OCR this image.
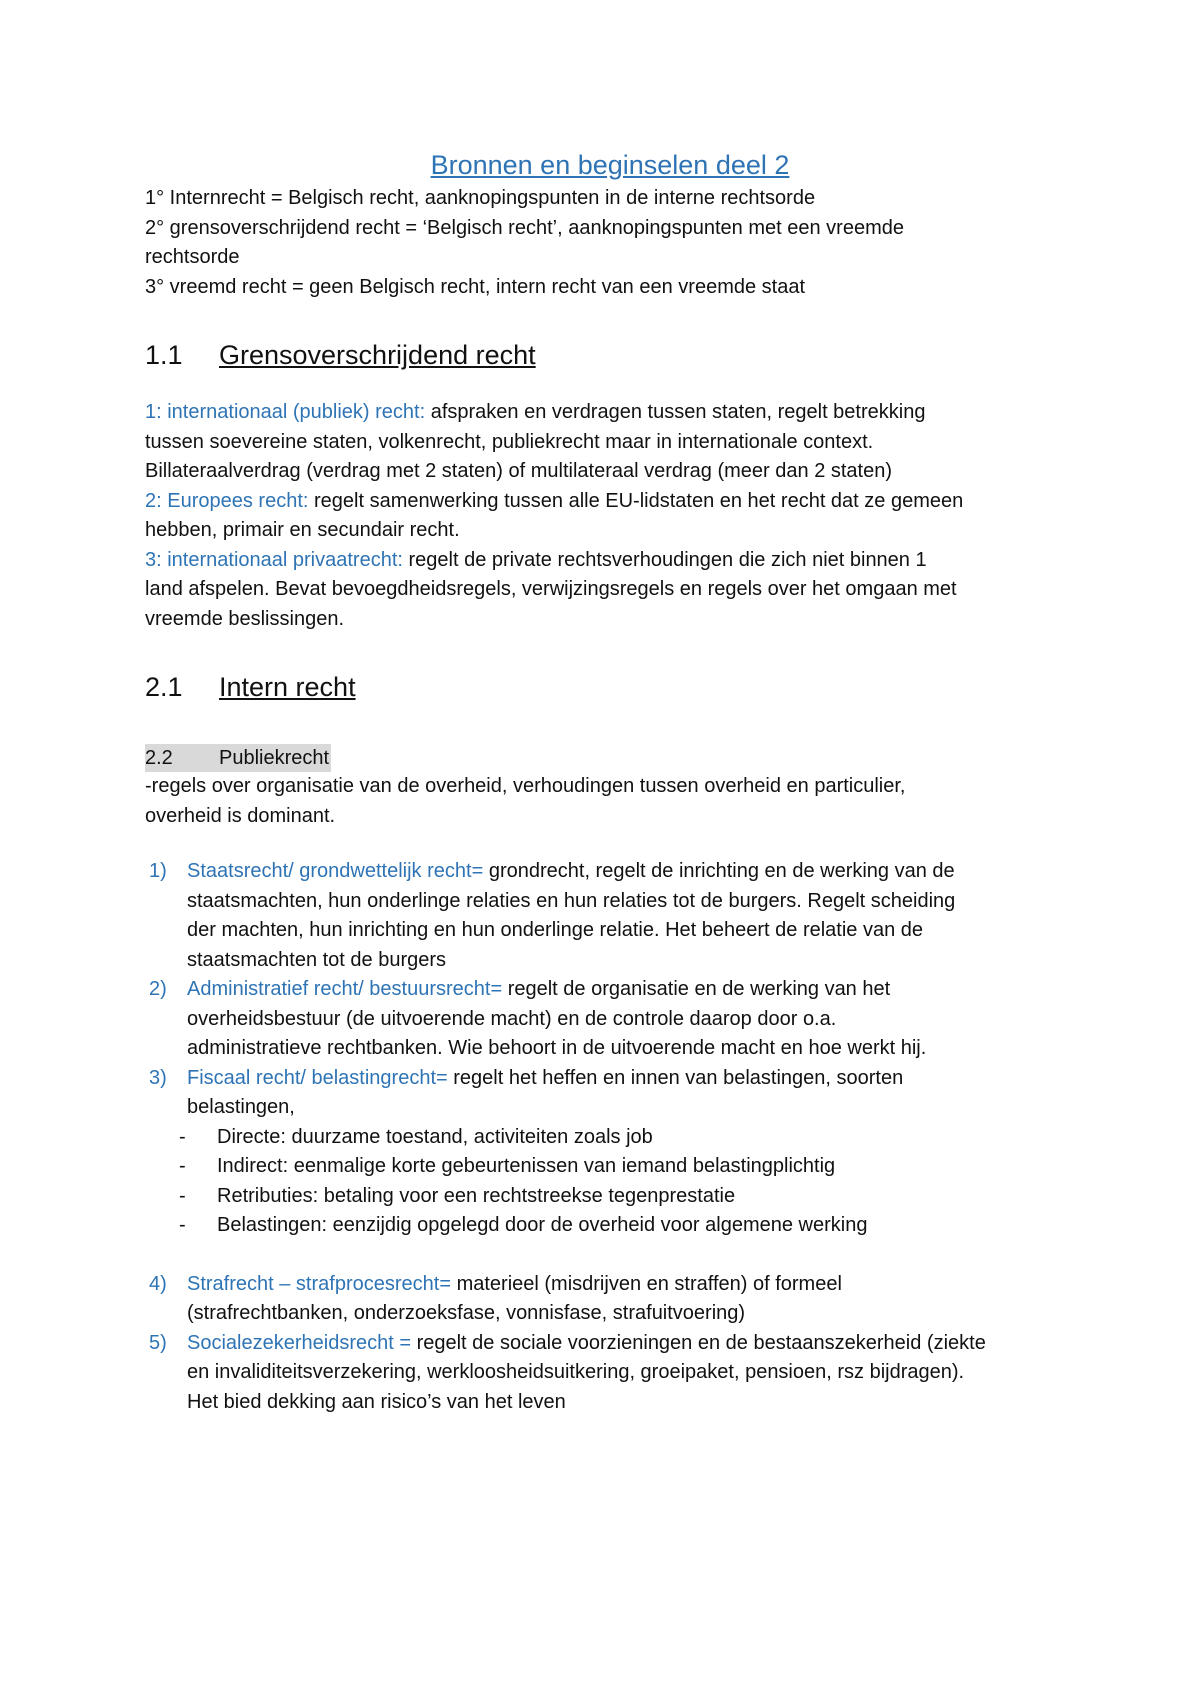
Bronnen en beginselen deel 2

1° Internrecht = Belgisch recht, aanknopingspunten in de interne rechtsorde

2° grensoverschrijdend recht = ‘Belgisch recht’, aanknopingspunten met een vreemde

rechtsorde

3° vreemd recht = geen Belgisch recht, intern recht van een vreemde staat

1.1	Grensoverschrijdend recht

1: internationaal (publiek) recht: afspraken en verdragen tussen staten, regelt betrekking

tussen soevereine staten, volkenrecht, publiekrecht maar in internationale context.

Billateraalverdrag (verdrag met 2 staten) of multilateraal verdrag (meer dan 2 staten)

2: Europees recht: regelt samenwerking tussen alle EU-lidstaten en het recht dat ze gemeen

hebben, primair en secundair recht.

3: internationaal privaatrecht: regelt de private rechtsverhoudingen die zich niet binnen 1

land afspelen. Bevat bevoegdheidsregels, verwijzingsregels en regels over het omgaan met

vreemde beslissingen.

2.1	Intern recht
2.2	Publiekrecht

-regels over organisatie van de overheid, verhoudingen tussen overheid en particulier,

overheid is dominant.

1)	Staatsrecht/ grondwettelijk recht= grondrecht, regelt de inrichting en de werking van de
staatsmachten, hun onderlinge relaties en hun relaties tot de burgers. Regelt scheiding
der machten, hun inrichting en hun onderlinge relatie. Het beheert de relatie van de
staatsmachten tot de burgers
2)	Administratief recht/ bestuursrecht= regelt de organisatie en de werking van het
overheidsbestuur (de uitvoerende macht) en de controle daarop door o.a.
administratieve rechtbanken. Wie behoort in de uitvoerende macht en hoe werkt hij.
3)	Fiscaal recht/ belastingrecht= regelt het heffen en innen van belastingen, soorten
belastingen,
-	Directe: duurzame toestand, activiteiten zoals job
-	Indirect: eenmalige korte gebeurtenissen van iemand belastingplichtig
-	Retributies: betaling voor een rechtstreekse tegenprestatie
-	Belastingen: eenzijdig opgelegd door de overheid voor algemene werking
4)	Strafrecht – strafprocesrecht= materieel (misdrijven en straffen) of formeel
(strafrechtbanken, onderzoeksfase, vonnisfase, strafuitvoering)
5)	Socialezekerheidsrecht = regelt de sociale voorzieningen en de bestaanszekerheid (ziekte
en invaliditeitsverzekering, werkloosheidsuitkering, groeipaket, pensioen, rsz bijdragen).
Het bied dekking aan risico’s van het leven
